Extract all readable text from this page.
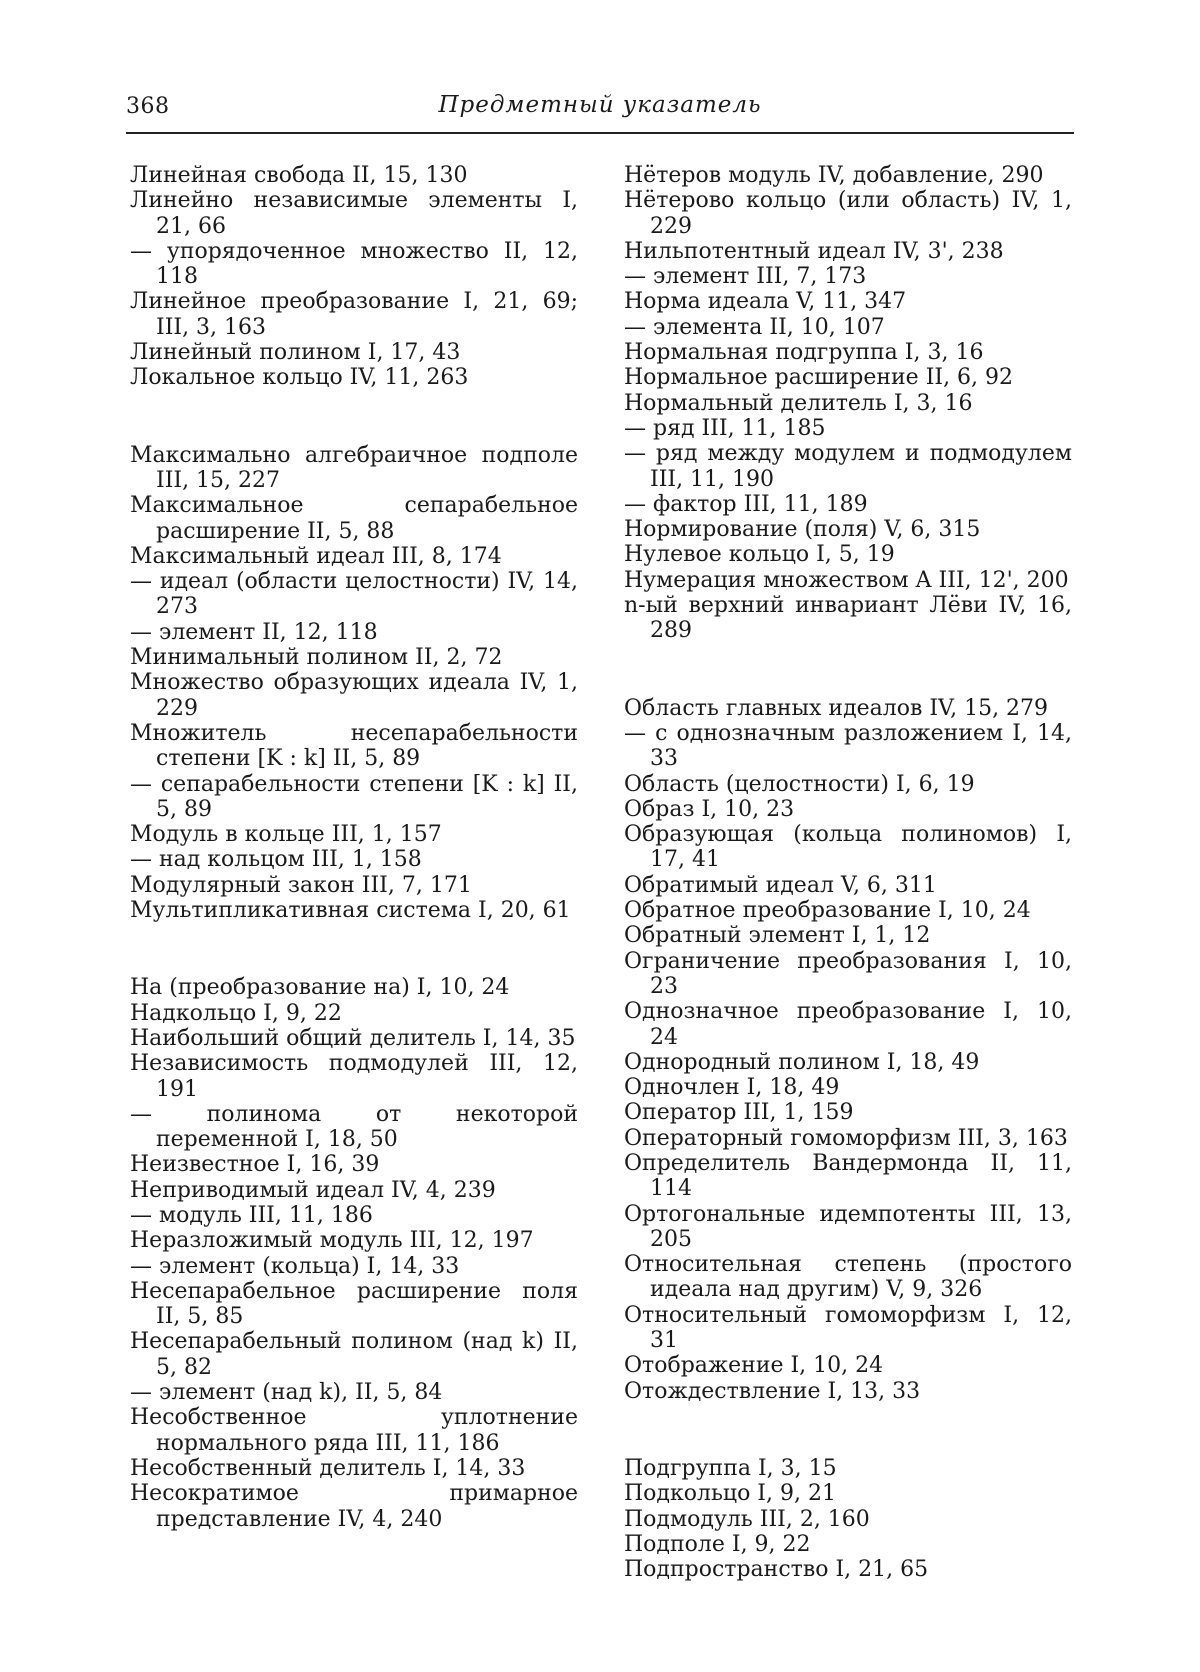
368	Предметный указатель

Линейная свобода II, 15, 130

Линейно независимые элементы I, 21, 66

— упорядоченное множество II, 12, 118

Линейное преобразование I, 21, 69; III, 3, 163

Линейный полином I, 17, 43

Локальное кольцо IV, 11, 263

Максимально алгебраичное подполе III, 15, 227

Максимальное сепарабельное расширение II, 5, 88

Максимальный идеал III, 8, 174

— идеал (области целостности) IV, 14, 273

— элемент II, 12, 118

Минимальный полином II, 2, 72

Множество образующих идеала IV, 1, 229

Множитель несепарабельности степени [K : k] II, 5, 89

— сепарабельности степени [K : k] II, 5, 89

Модуль в кольце III, 1, 157

— над кольцом III, 1, 158

Модулярный закон III, 7, 171

Мультипликативная система I, 20, 61

На (преобразование на) I, 10, 24

Надкольцо I, 9, 22

Наибольший общий делитель I, 14, 35

Независимость подмодулей III, 12, 191

— полинома от некоторой переменной I, 18, 50

Неизвестное I, 16, 39

Неприводимый идеал IV, 4, 239

— модуль III, 11, 186

Неразложимый модуль III, 12, 197

— элемент (кольца) I, 14, 33

Несепарабельное расширение поля II, 5, 85

Несепарабельный полином (над k) II, 5, 82

— элемент (над k), II, 5, 84

Несобственное уплотнение нормального ряда III, 11, 186

Несобственный делитель I, 14, 33

Несократимое примарное представление IV, 4, 240

Нётеров модуль IV, добавление, 290

Нётерово кольцо (или область) IV, 1, 229

Нильпотентный идеал IV, 3', 238

— элемент III, 7, 173

Норма идеала V, 11, 347

— элемента II, 10, 107

Нормальная подгруппа I, 3, 16

Нормальное расширение II, 6, 92

Нормальный делитель I, 3, 16

— ряд III, 11, 185

— ряд между модулем и подмодулем III, 11, 190

— фактор III, 11, 189

Нормирование (поля) V, 6, 315

Нулевое кольцо I, 5, 19

Нумерация множеством A III, 12', 200

n-ый верхний инвариант Лёви IV, 16, 289

Область главных идеалов IV, 15, 279

— с однозначным разложением I, 14, 33

Область (целостности) I, 6, 19

Образ I, 10, 23

Образующая (кольца полиномов) I, 17, 41

Обратимый идеал V, 6, 311

Обратное преобразование I, 10, 24

Обратный элемент I, 1, 12

Ограничение преобразования I, 10, 23

Однозначное преобразование I, 10, 24

Однородный полином I, 18, 49

Одночлен I, 18, 49

Оператор III, 1, 159

Операторный гомоморфизм III, 3, 163

Определитель Вандермонда II, 11, 114

Ортогональные идемпотенты III, 13, 205

Относительная степень (простого идеала над другим) V, 9, 326

Относительный гомоморфизм I, 12, 31

Отображение I, 10, 24

Отождествление I, 13, 33

Подгруппа I, 3, 15

Подкольцо I, 9, 21

Подмодуль III, 2, 160

Подполе I, 9, 22

Подпространство I, 21, 65
